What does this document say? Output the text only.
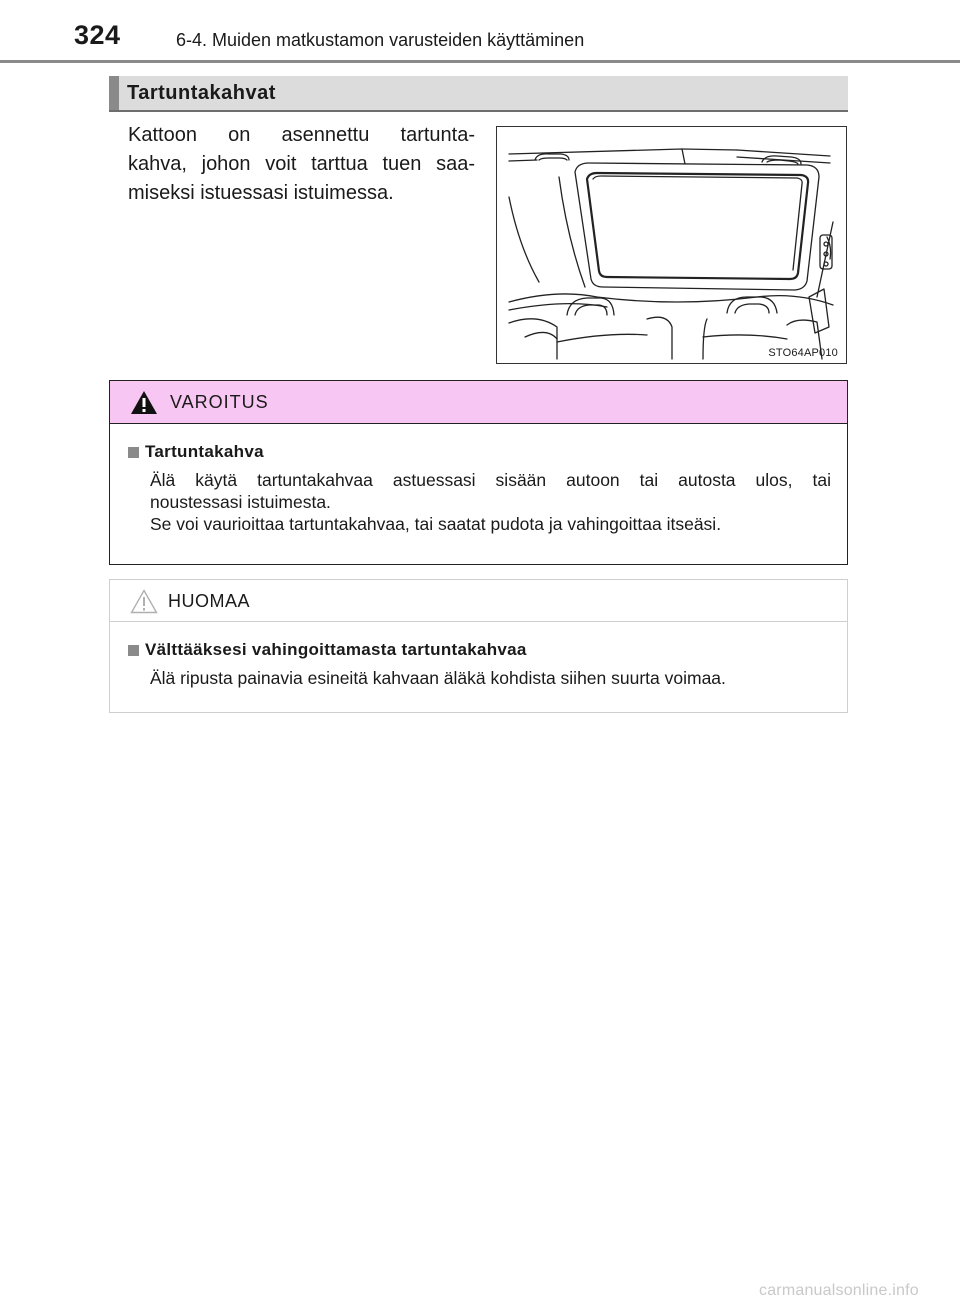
324	6-4. Muiden matkustamon varusteiden käyttäminen
Tartuntakahvat
Kattoon on asennettu tartunta-
kahva, johon voit tarttua tuen saa-
miseksi istuessasi istuimessa.
STO64AP010
VAROITUS
Tartuntakahva
Älä käytä tartuntakahvaa astuessasi sisään autoon tai autosta ulos, tai
noustessasi istuimesta.
Se voi vaurioittaa tartuntakahvaa, tai saatat pudota ja vahingoittaa itseäsi.
HUOMAA
Välttääksesi vahingoittamasta tartuntakahvaa
Älä ripusta painavia esineitä kahvaan äläkä kohdista siihen suurta voimaa.
carmanualsonline.info
